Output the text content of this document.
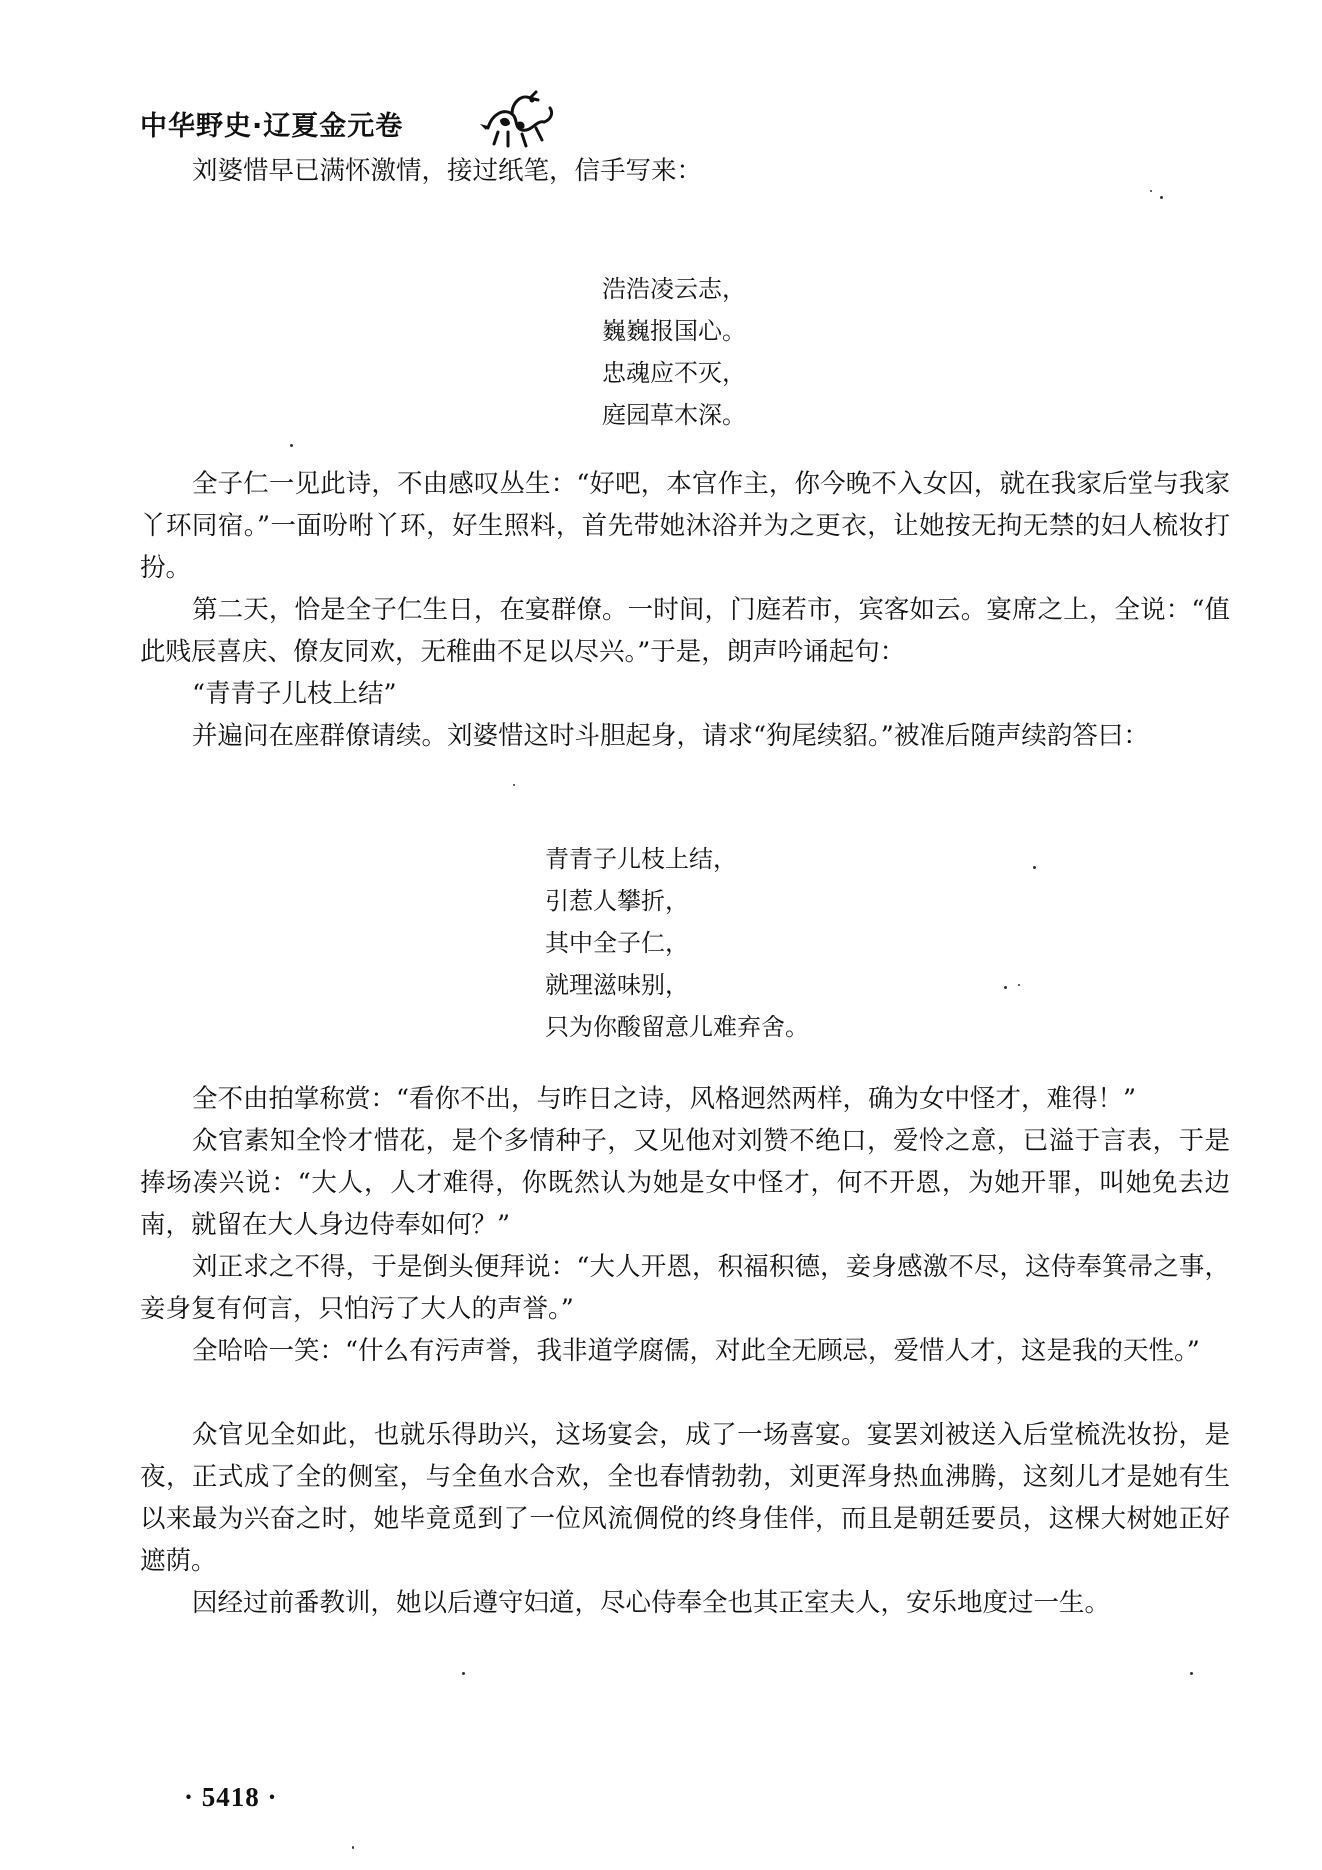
中华野史·辽夏金元卷

刘婆惜早已满怀激情，接过纸笔，信手写来：

浩浩凌云志，
巍巍报国心。
忠魂应不灭，
庭园草木深。

全子仁一见此诗，不由感叹丛生：“好吧，本官作主，你今晚不入女囚，就在我家后堂与我家丫环同宿。”一面吩咐丫环，好生照料，首先带她沐浴并为之更衣，让她按无拘无禁的妇人梳妆打扮。

第二天，恰是全子仁生日，在宴群僚。一时间，门庭若市，宾客如云。宴席之上，全说：“值此贱辰喜庆、僚友同欢，无稚曲不足以尽兴。”于是，朗声吟诵起句：

“青青子儿枝上结”

并遍问在座群僚请续。刘婆惜这时斗胆起身，请求“狗尾续貂。”被准后随声续韵答曰：

青青子儿枝上结，
引惹人攀折，
其中全子仁，
就理滋味别，
只为你酸留意儿难弃舍。

全不由拍掌称赏：“看你不出，与昨日之诗，风格迥然两样，确为女中怪才，难得！”

众官素知全怜才惜花，是个多情种子，又见他对刘赞不绝口，爱怜之意，已溢于言表，于是捧场凑兴说：“大人，人才难得，你既然认为她是女中怪才，何不开恩，为她开罪，叫她免去边南，就留在大人身边侍奉如何？”

刘正求之不得，于是倒头便拜说：“大人开恩，积福积德，妾身感激不尽，这侍奉箕帚之事，妾身复有何言，只怕污了大人的声誉。”

全哈哈一笑：“什么有污声誉，我非道学腐儒，对此全无顾忌，爱惜人才，这是我的天性。”

众官见全如此，也就乐得助兴，这场宴会，成了一场喜宴。宴罢刘被送入后堂梳洗妆扮，是夜，正式成了全的侧室，与全鱼水合欢，全也春情勃勃，刘更浑身热血沸腾，这刻儿才是她有生以来最为兴奋之时，她毕竟觅到了一位风流倜傥的终身佳伴，而且是朝廷要员，这棵大树她正好遮荫。

因经过前番教训，她以后遵守妇道，尽心侍奉全也其正室夫人，安乐地度过一生。

· 5418 ·
